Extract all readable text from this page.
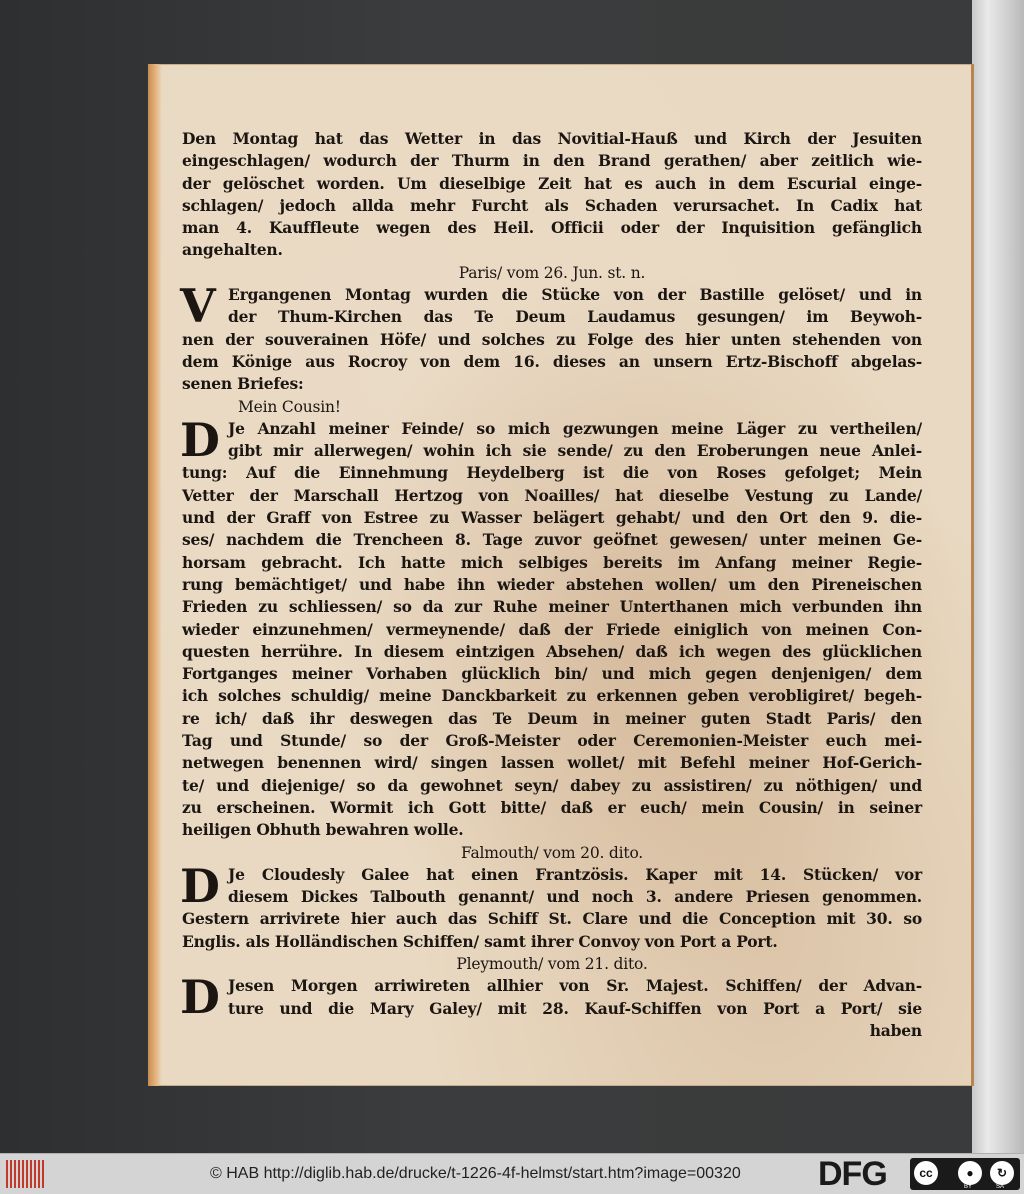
Den Montag hat das Wetter in das Novitial-Hauß und Kirch der Jesuiten
eingeschlagen/ wodurch der Thurm in den Brand gerathen/ aber zeitlich wie-
der gelöschet worden. Um dieselbige Zeit hat es auch in dem Escurial einge-
schlagen/ jedoch allda mehr Furcht als Schaden verursachet. In Cadix hat
man 4. Kauffleute wegen des Heil. Officii oder der Inquisition gefänglich
angehalten.
Paris/ vom 26. Jun. st. n.
V Ergangenen Montag wurden die Stücke von der Bastille gelöset/ und in
der Thum-Kirchen das Te Deum Laudamus gesungen/ im Beywoh-
nen der souverainen Höfe/ und solches zu Folge des hier unten stehenden von
dem Könige aus Rocroy von dem 16. dieses an unsern Ertz-Bischoff abgelas-
senen Briefes:
Mein Cousin!
D Je Anzahl meiner Feinde/ so mich gezwungen meine Läger zu vertheilen/
gibt mir allerwegen/ wohin ich sie sende/ zu den Eroberungen neue Anlei-
tung: Auf die Einnehmung Heydelberg ist die von Roses gefolget; Mein
Vetter der Marschall Hertzog von Noailles/ hat dieselbe Vestung zu Lande/
und der Graff von Estree zu Wasser belägert gehabt/ und den Ort den 9. die-
ses/ nachdem die Trencheen 8. Tage zuvor geöfnet gewesen/ unter meinen Ge-
horsam gebracht. Ich hatte mich selbiges bereits im Anfang meiner Regie-
rung bemächtiget/ und habe ihn wieder abstehen wollen/ um den Pireneischen
Frieden zu schliessen/ so da zur Ruhe meiner Unterthanen mich verbunden ihn
wieder einzunehmen/ vermeynende/ daß der Friede einiglich von meinen Con-
questen herrühre. In diesem eintzigen Absehen/ daß ich wegen des glücklichen
Fortganges meiner Vorhaben glücklich bin/ und mich gegen denjenigen/ dem
ich solches schuldig/ meine Danckbarkeit zu erkennen geben verobligiret/ begeh-
re ich/ daß ihr deswegen das Te Deum in meiner guten Stadt Paris/ den
Tag und Stunde/ so der Groß-Meister oder Ceremonien-Meister euch mei-
netwegen benennen wird/ singen lassen wollet/ mit Befehl meiner Hof-Gerich-
te/ und diejenige/ so da gewohnet seyn/ dabey zu assistiren/ zu nöthigen/ und
zu erscheinen. Wormit ich Gott bitte/ daß er euch/ mein Cousin/ in seiner
heiligen Obhuth bewahren wolle.
Falmouth/ vom 20. dito.
D Je Cloudesly Galee hat einen Frantzösis. Kaper mit 14. Stücken/ vor
diesem Dickes Talbouth genannt/ und noch 3. andere Priesen genommen.
Gestern arrivirete hier auch das Schiff St. Clare und die Conception mit 30. so
Englis. als Holländischen Schiffen/ samt ihrer Convoy von Port a Port.
Pleymouth/ vom 21. dito.
D Jesen Morgen arriwireten allhier von Sr. Majest. Schiffen/ der Advan-
ture und die Mary Galey/ mit 28. Kauf-Schiffen von Port a Port/ sie
haben
© HAB http://diglib.hab.de/drucke/t-1226-4f-helmst/start.htm?image=00320 DFG	cc	●
BY
↻
SA
